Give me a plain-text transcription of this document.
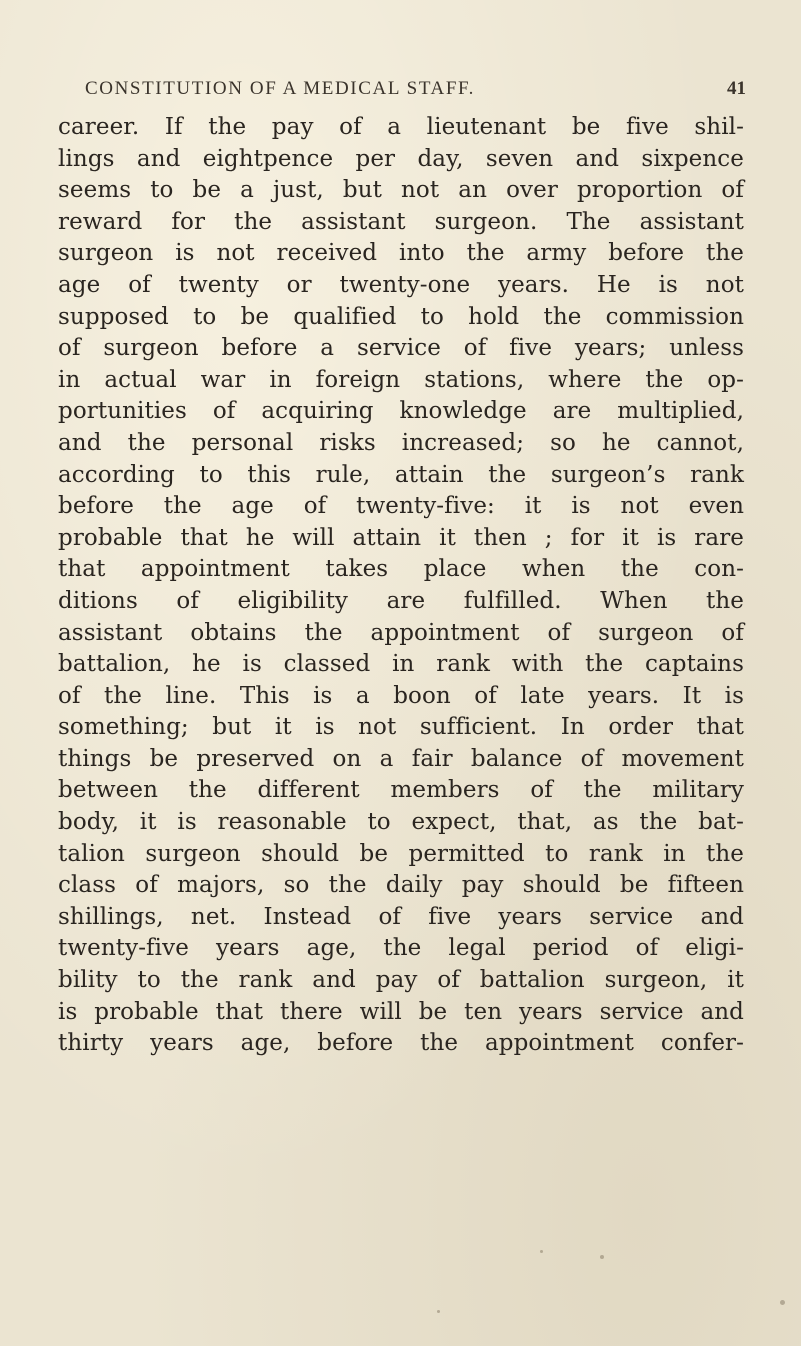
CONSTITUTION OF A MEDICAL STAFF.	41
career. If the pay of a lieutenant be five shil-
lings and eightpence per day, seven and sixpence
seems to be a just, but not an over proportion of
reward for the assistant surgeon. The assistant
surgeon is not received into the army before the
age of twenty or twenty-one years. He is not
supposed to be qualified to hold the commission
of surgeon before a service of five years; unless
in actual war in foreign stations, where the op-
portunities of acquiring knowledge are multiplied,
and the personal risks increased; so he cannot,
according to this rule, attain the surgeon’s rank
before the age of twenty-five: it is not even
probable that he will attain it then ; for it is rare
that appointment takes place when the con-
ditions of eligibility are fulfilled. When the
assistant obtains the appointment of surgeon of
battalion, he is classed in rank with the captains
of the line. This is a boon of late years. It is
something; but it is not sufficient. In order that
things be preserved on a fair balance of movement
between the different members of the military
body, it is reasonable to expect, that, as the bat-
talion surgeon should be permitted to rank in the
class of majors, so the daily pay should be fifteen
shillings, net. Instead of five years service and
twenty-five years age, the legal period of eligi-
bility to the rank and pay of battalion surgeon, it
is probable that there will be ten years service and
thirty years age, before the appointment confer-
